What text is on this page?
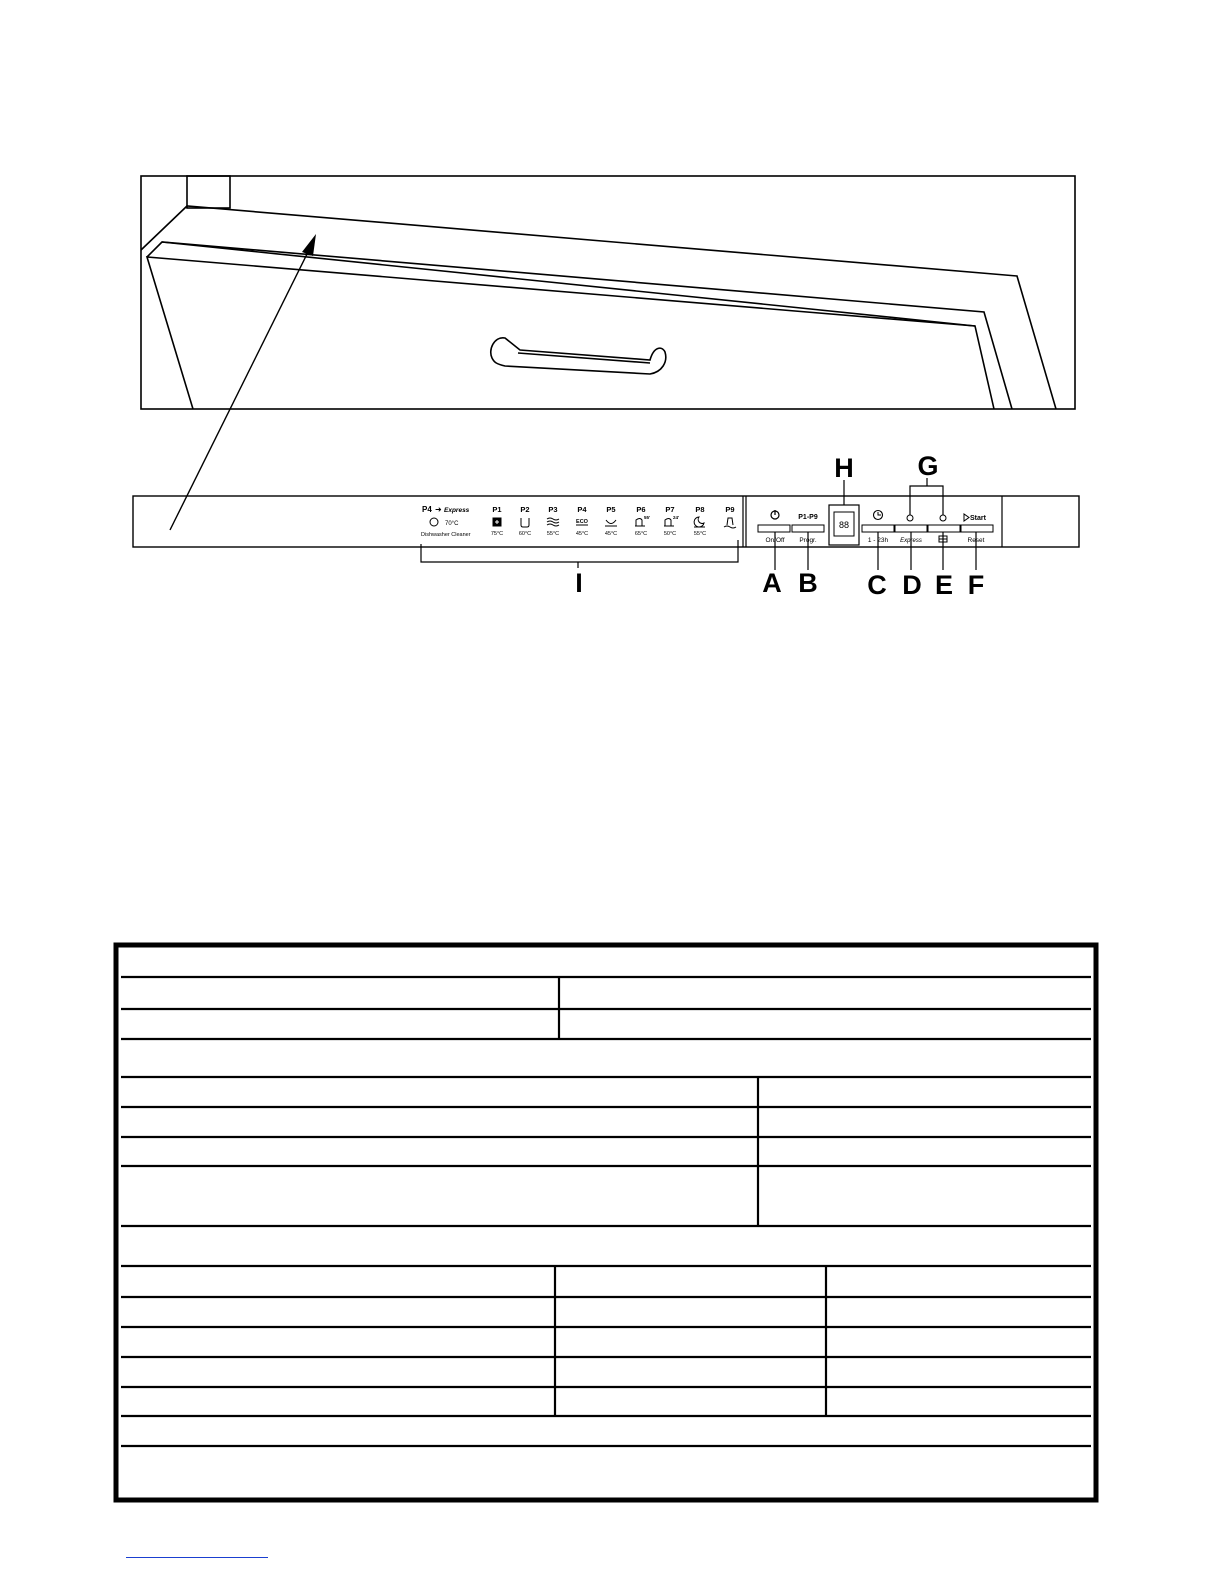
P4 ➜ Express
70°C
Dishwasher Cleaner
P1
75°C
P2
60°C
P3
55°C
P4
ECO
45°C
P5
45°C
P6
55'
65°C
P7
24'
50°C
P8
55°C
P9
On/Off
P1-P9
Progr.
88
1 - 23h Express
Start
Reset
A B C D E F
G
H
I
